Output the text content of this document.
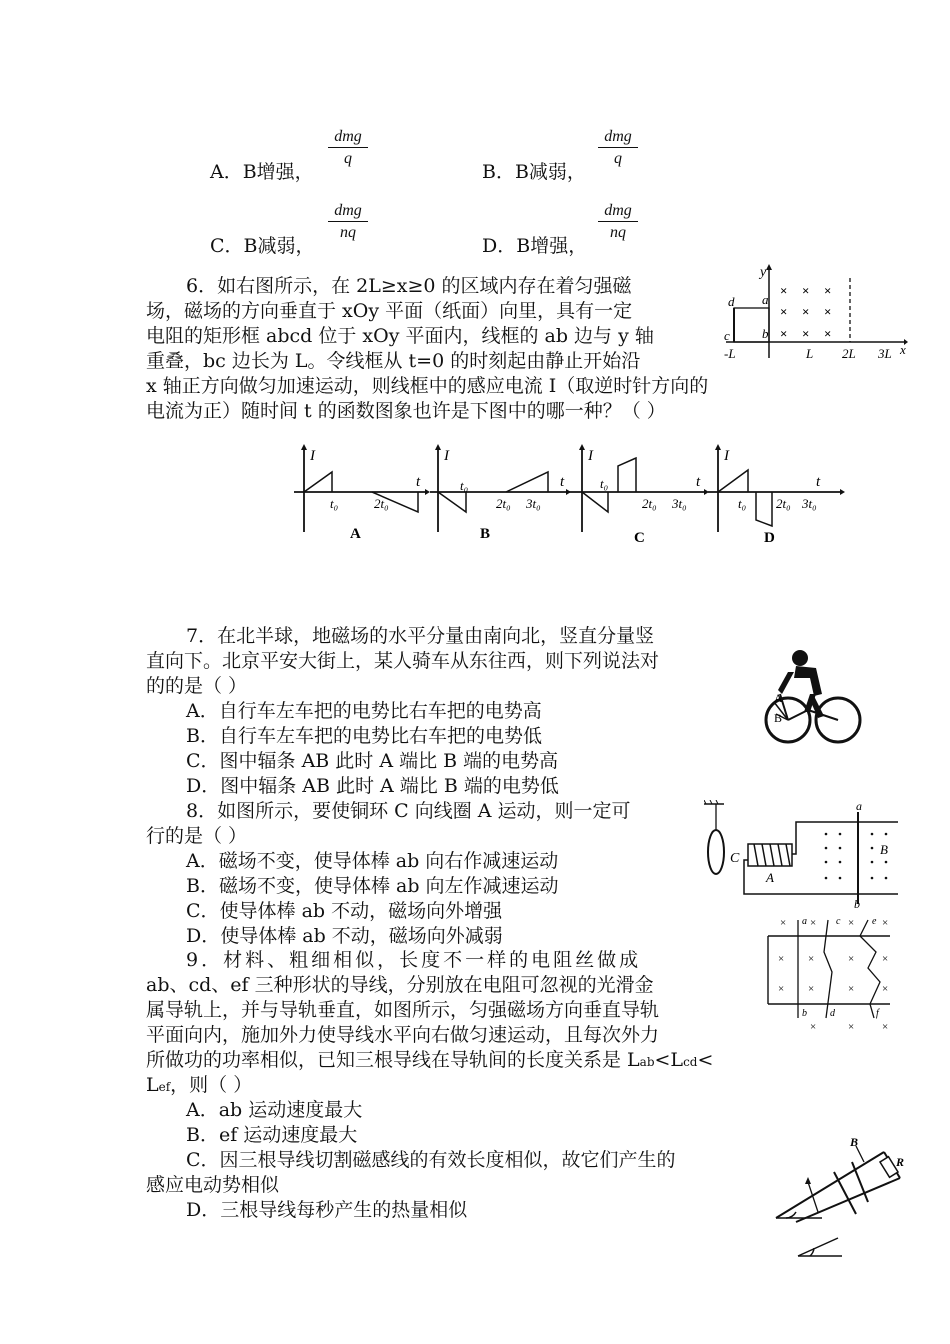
A．B增强，
dmg
q
B．B减弱，
dmg
q
C．B减弱，
dmg
nq
D．B增强，
dmg
nq
6．如右图所示，在 2L≥x≥0 的区域内存在着匀强磁
场，磁场的方向垂直于 xOy 平面（纸面）向里，具有一定
电阻的矩形框 abcd 位于 xOy 平面内，线框的 ab 边与 y 轴
重叠，bc 边长为 L。令线框从 t=0 的时刻起由静止开始沿
x 轴正方向做匀加速运动，则线框中的感应电流 I（取逆时针方向的
电流为正）随时间 t 的函数图象也许是下图中的哪一种？（ ）
y
x
d
c
a
b
× × ×
× × ×
× × ×
-L	L 2L 3L
I
t
t₀	2t₀
A
I
t
t₀
2t₀ 3t₀
B
I
t
t₀
2t₀ 3t₀
C
I
t
t₀ 2t₀ 3t₀
D
7．在北半球，地磁场的水平分量由南向北，竖直分量竖
直向下。北京平安大街上，某人骑车从东往西，则下列说法对
的的是（ ）
A．自行车左车把的电势比右车把的电势高
B．自行车左车把的电势比右车把的电势低
C．图中辐条 AB 此时 A 端比 B 端的电势高
D．图中辐条 AB 此时 A 端比 B 端的电势低
A
B
8．如图所示，要使铜环 C 向线圈 A 运动，则一定可
行的是（ ）
A．磁场不变，使导体棒 ab 向右作减速运动
B．磁场不变，使导体棒 ab 向左作减速运动
C．使导体棒 ab 不动，磁场向外增强
D．使导体棒 ab 不动，磁场向外减弱
C
A
a
b
B
9．材料、粗细相似，长度不一样的电阻丝做成
ab、cd、ef 三种形状的导线，分别放在电阻可忽视的光滑金
属导轨上，并与导轨垂直，如图所示，匀强磁场方向垂直导轨
平面向内，施加外力使导线水平向右做匀速运动，且每次外力
所做功的功率相似，已知三根导线在导轨间的长度关系是 Lab<Lcd<
Lef，则（ ）
A．ab 运动速度最大
B．ef 运动速度最大
C．因三根导线切割磁感线的有效长度相似，故它们产生的
感应电动势相似
D．三根导线每秒产生的热量相似
a
b
c
d
e
f
× ×	×	×
× ×	×	×
× ×	×	×
×	×	×
R
B
